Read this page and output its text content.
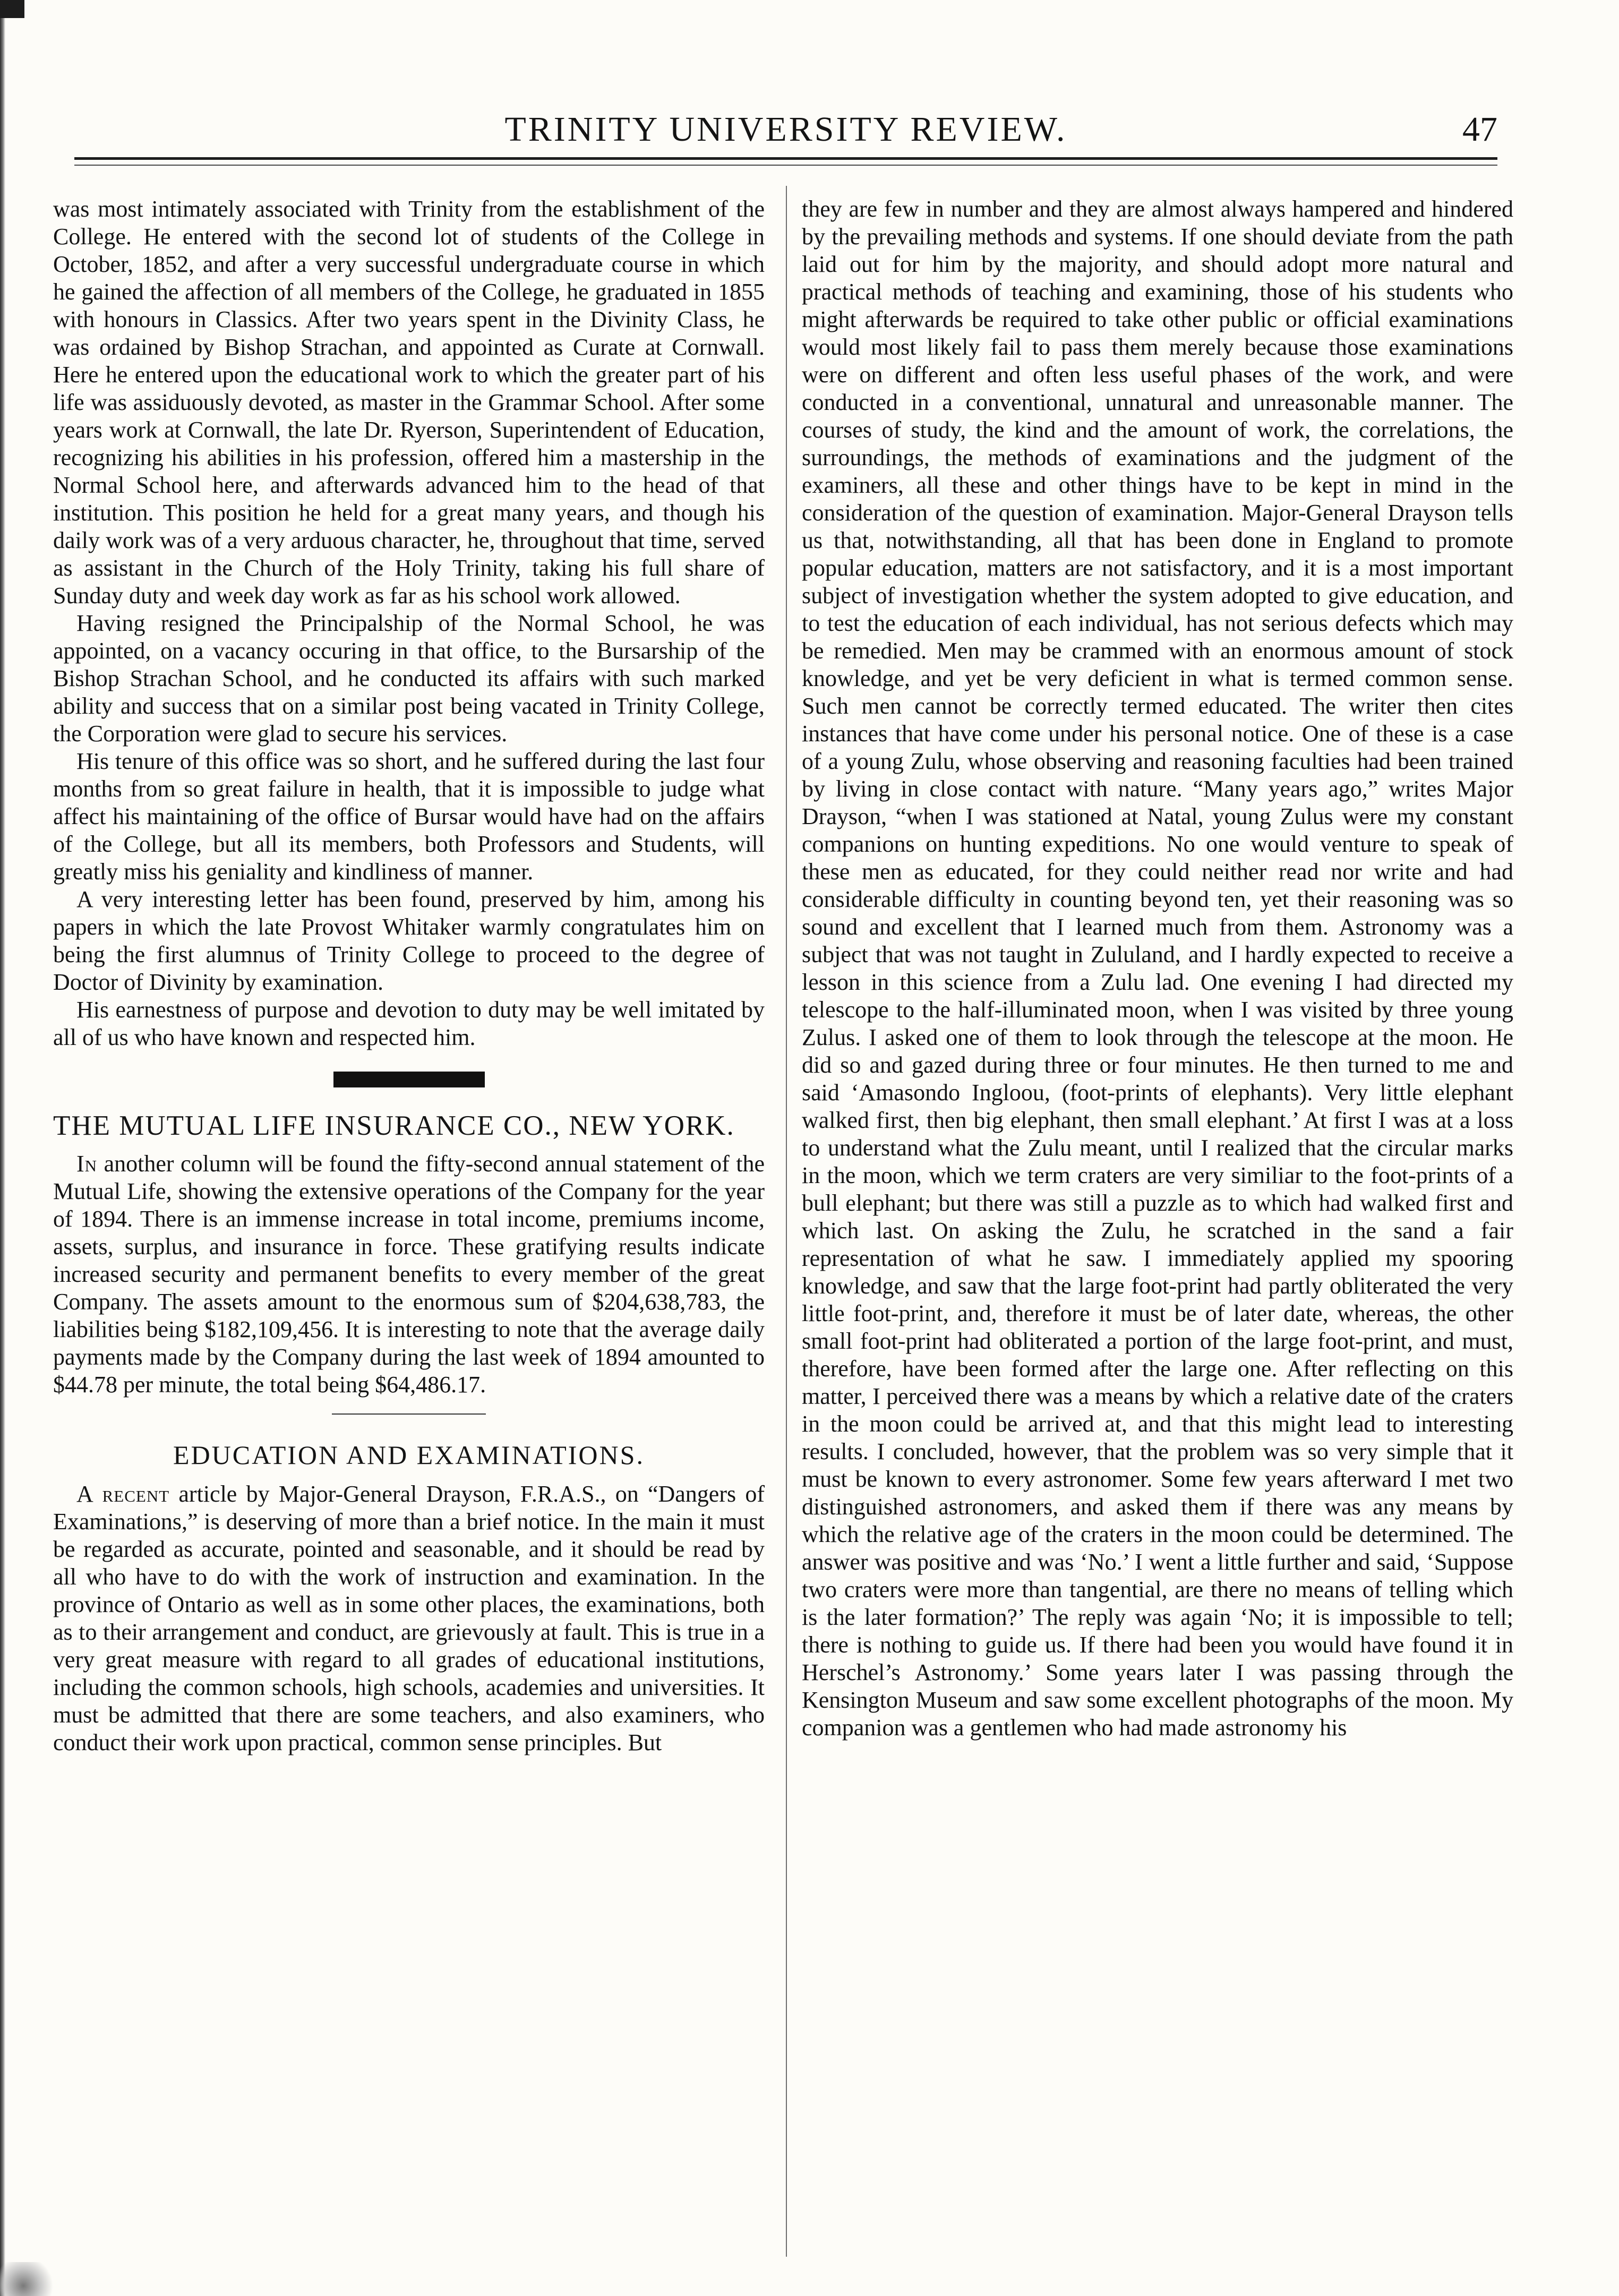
TRINITY UNIVERSITY REVIEW.	47

was most intimately associated with Trinity from the establishment of the College. He entered with the second lot of students of the College in October, 1852, and after a very successful undergraduate course in which he gained the affection of all members of the College, he graduated in 1855 with honours in Classics. After two years spent in the Divinity Class, he was ordained by Bishop Strachan, and appointed as Curate at Cornwall. Here he entered upon the educational work to which the greater part of his life was assiduously devoted, as master in the Grammar School. After some years work at Cornwall, the late Dr. Ryerson, Superintendent of Education, recognizing his abilities in his profession, offered him a mastership in the Normal School here, and afterwards advanced him to the head of that institution. This position he held for a great many years, and though his daily work was of a very arduous character, he, throughout that time, served as assistant in the Church of the Holy Trinity, taking his full share of Sunday duty and week day work as far as his school work allowed.

Having resigned the Principalship of the Normal School, he was appointed, on a vacancy occuring in that office, to the Bursarship of the Bishop Strachan School, and he conducted its affairs with such marked ability and success that on a similar post being vacated in Trinity College, the Corporation were glad to secure his services.

His tenure of this office was so short, and he suffered during the last four months from so great failure in health, that it is impossible to judge what affect his maintaining of the office of Bursar would have had on the affairs of the College, but all its members, both Professors and Students, will greatly miss his geniality and kindliness of manner.

A very interesting letter has been found, preserved by him, among his papers in which the late Provost Whitaker warmly congratulates him on being the first alumnus of Trinity College to proceed to the degree of Doctor of Divinity by examination.

His earnestness of purpose and devotion to duty may be well imitated by all of us who have known and respected him.

THE MUTUAL LIFE INSURANCE CO., NEW YORK.

In another column will be found the fifty-second annual statement of the Mutual Life, showing the extensive operations of the Company for the year of 1894. There is an immense increase in total income, premiums income, assets, surplus, and insurance in force. These gratifying results indicate increased security and permanent benefits to every member of the great Company. The assets amount to the enormous sum of $204,638,783, the liabilities being $182,109,456. It is interesting to note that the average daily payments made by the Company during the last week of 1894 amounted to $44.78 per minute, the total being $64,486.17.

EDUCATION AND EXAMINATIONS.

A recent article by Major-General Drayson, F.R.A.S., on “Dangers of Examinations,” is deserving of more than a brief notice. In the main it must be regarded as accurate, pointed and seasonable, and it should be read by all who have to do with the work of instruction and examination. In the province of Ontario as well as in some other places, the examinations, both as to their arrangement and conduct, are grievously at fault. This is true in a very great measure with regard to all grades of educational institutions, including the common schools, high schools, academies and universities. It must be admitted that there are some teachers, and also examiners, who conduct their work upon practical, common sense principles. But

they are few in number and they are almost always hampered and hindered by the prevailing methods and systems. If one should deviate from the path laid out for him by the majority, and should adopt more natural and practical methods of teaching and examining, those of his students who might afterwards be required to take other public or official examinations would most likely fail to pass them merely because those examinations were on different and often less useful phases of the work, and were conducted in a conventional, unnatural and unreasonable manner. The courses of study, the kind and the amount of work, the correlations, the surroundings, the methods of examinations and the judgment of the examiners, all these and other things have to be kept in mind in the consideration of the question of examination. Major-General Drayson tells us that, notwithstanding, all that has been done in England to promote popular education, matters are not satisfactory, and it is a most important subject of investigation whether the system adopted to give education, and to test the education of each individual, has not serious defects which may be remedied. Men may be crammed with an enormous amount of stock knowledge, and yet be very deficient in what is termed common sense. Such men cannot be correctly termed educated. The writer then cites instances that have come under his personal notice. One of these is a case of a young Zulu, whose observing and reasoning faculties had been trained by living in close contact with nature. “Many years ago,” writes Major Drayson, “when I was stationed at Natal, young Zulus were my constant companions on hunting expeditions. No one would venture to speak of these men as educated, for they could neither read nor write and had considerable difficulty in counting beyond ten, yet their reasoning was so sound and excellent that I learned much from them. Astronomy was a subject that was not taught in Zululand, and I hardly expected to receive a lesson in this science from a Zulu lad. One evening I had directed my telescope to the half-illuminated moon, when I was visited by three young Zulus. I asked one of them to look through the telescope at the moon. He did so and gazed during three or four minutes. He then turned to me and said ‘Amasondo Ingloou, (foot-prints of elephants). Very little elephant walked first, then big elephant, then small elephant.’ At first I was at a loss to understand what the Zulu meant, until I realized that the circular marks in the moon, which we term craters are very similiar to the foot-prints of a bull elephant; but there was still a puzzle as to which had walked first and which last. On asking the Zulu, he scratched in the sand a fair representation of what he saw. I immediately applied my spooring knowledge, and saw that the large foot-print had partly obliterated the very little foot-print, and, therefore it must be of later date, whereas, the other small foot-print had obliterated a portion of the large foot-print, and must, therefore, have been formed after the large one. After reflecting on this matter, I perceived there was a means by which a relative date of the craters in the moon could be arrived at, and that this might lead to interesting results. I concluded, however, that the problem was so very simple that it must be known to every astronomer. Some few years afterward I met two distinguished astronomers, and asked them if there was any means by which the relative age of the craters in the moon could be determined. The answer was positive and was ‘No.’ I went a little further and said, ‘Suppose two craters were more than tangential, are there no means of telling which is the later formation?’ The reply was again ‘No; it is impossible to tell; there is nothing to guide us. If there had been you would have found it in Herschel’s Astronomy.’ Some years later I was passing through the Kensington Museum and saw some excellent photographs of the moon. My companion was a gentlemen who had made astronomy his
